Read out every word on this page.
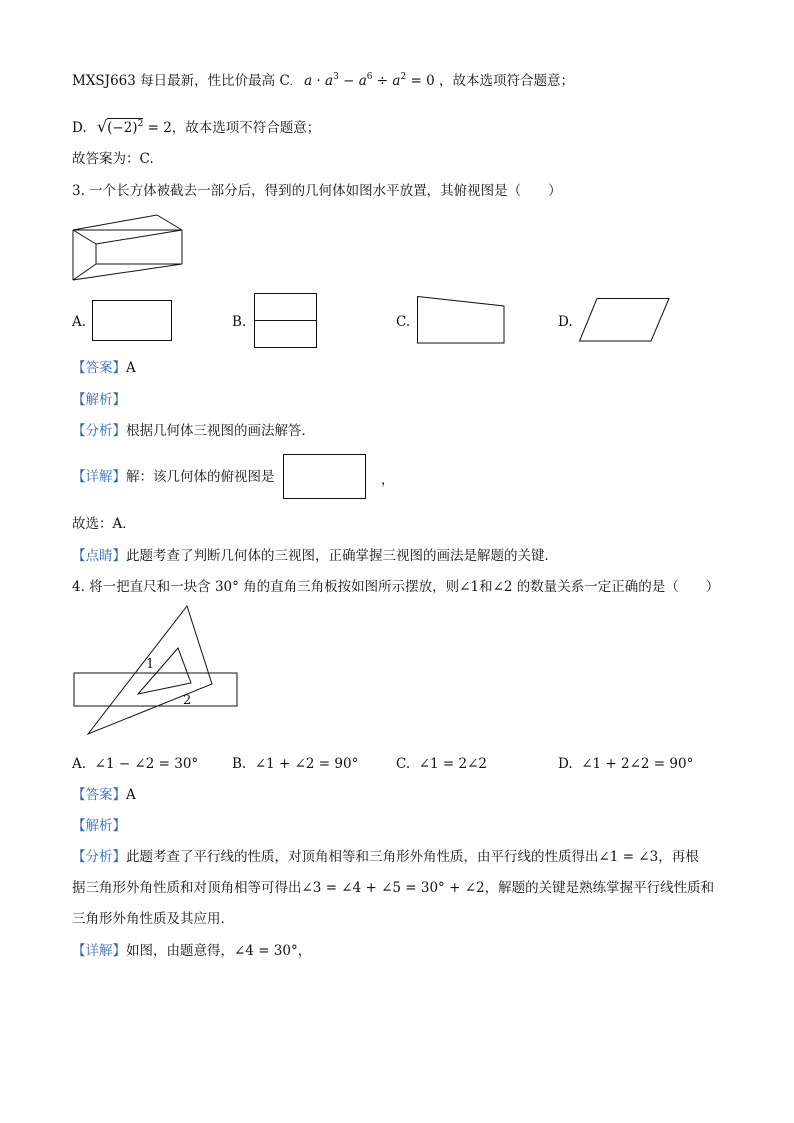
MXSJ663 每日最新，性比价最高 C． $a \cdot a^3 - a^6 \div a^2 = 0$ ，故本选项符合题意；
D. $√(-2)^2 = 2$，故本选项不符合题意；
故答案为：C.
3. 一个长方体被截去一部分后，得到的几何体如图水平放置，其俯视图是（　　）
A.	B.	C.	D.
【答案】A
【解析】
【分析】根据几何体三视图的画法解答．
【详解】解：该几何体的俯视图是	，
故选：A．
【点睛】此题考查了判断几何体的三视图，正确掌握三视图的画法是解题的关键．
4. 将一把直尺和一块含 30° 角的直角三角板按如图所示摆放，则∠1和∠2 的数量关系一定正确的是（　　）
1
2
A. ∠1 − ∠2 = 30°	B. ∠1 + ∠2 = 90°	C. ∠1 = 2∠2	D. ∠1 + 2∠2 = 90°
【答案】A
【解析】
【分析】此题考查了平行线的性质，对顶角相等和三角形外角性质，由平行线的性质得出∠1 = ∠3，再根
据三角形外角性质和对顶角相等可得出∠3 = ∠4 + ∠5 = 30° + ∠2，解题的关键是熟练掌握平行线性质和
三角形外角性质及其应用．
【详解】如图，由题意得，∠4 = 30°，
